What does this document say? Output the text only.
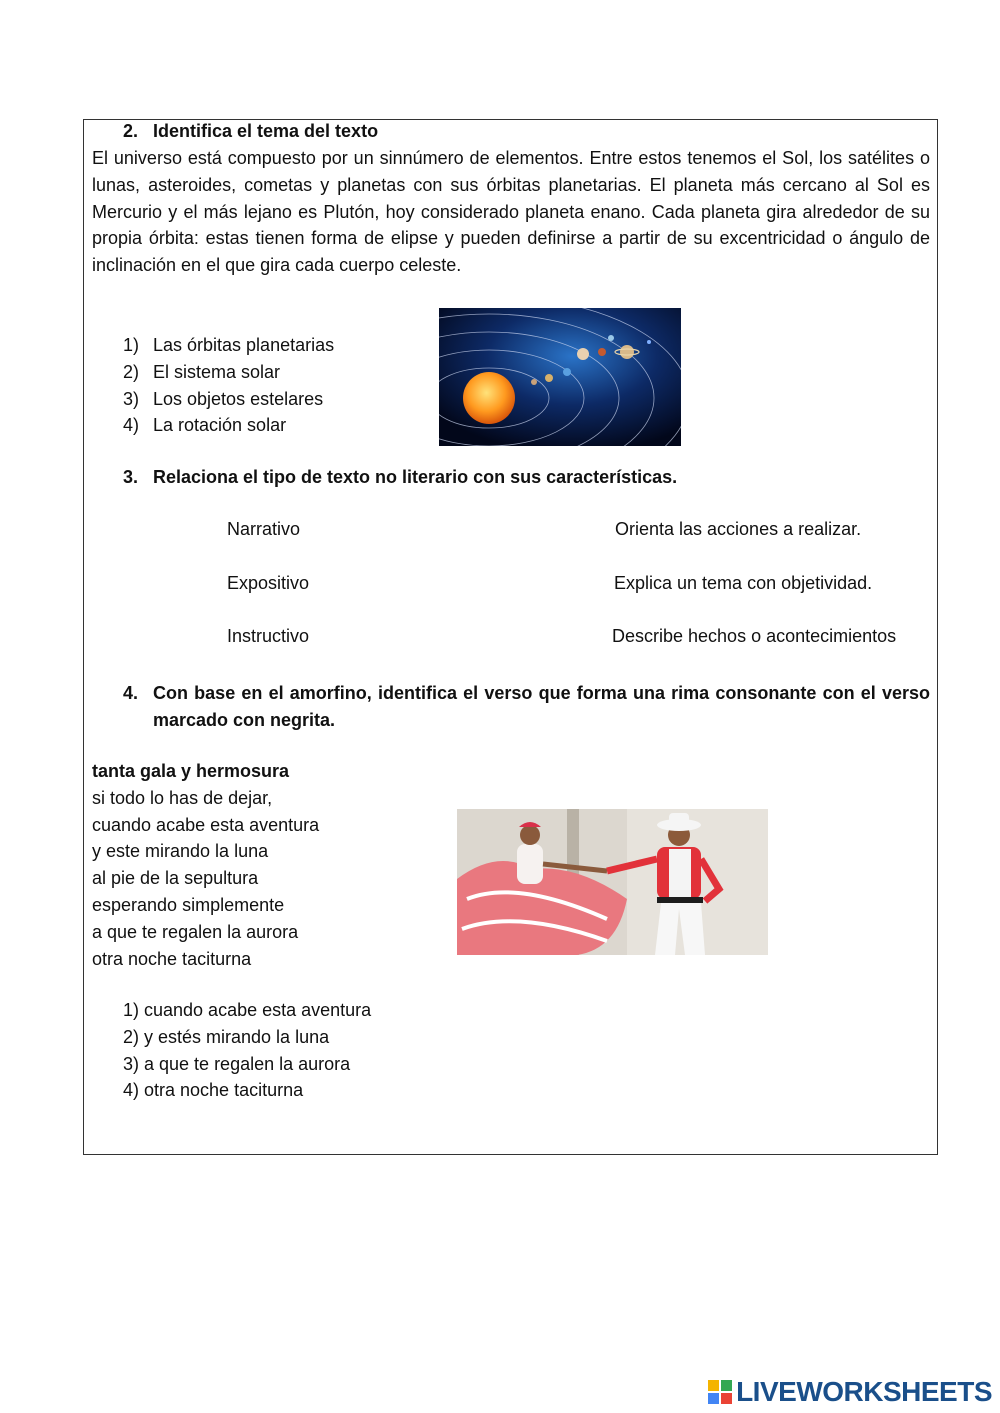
2. Identifica el tema del texto
El universo está compuesto por un sinnúmero de elementos. Entre estos tenemos el Sol, los satélites o lunas, asteroides, cometas y planetas con sus órbitas planetarias. El planeta más cercano al Sol es Mercurio y el más lejano es Plutón, hoy considerado planeta enano. Cada planeta gira alrededor de su propia órbita: estas tienen forma de elipse y pueden definirse a partir de su excentricidad o ángulo de inclinación en el que gira cada cuerpo celeste.
1) Las órbitas planetarias
2) El sistema solar
3) Los objetos estelares
4) La rotación solar
3. Relaciona el tipo de texto no literario con sus características.
Narrativo
Expositivo
Instructivo
Orienta las acciones a realizar.
Explica un tema con objetividad.
Describe hechos o acontecimientos
4. Con base en el amorfino, identifica el verso que forma una rima consonante con el verso marcado con negrita.
tanta gala y hermosura
si todo lo has de dejar,
cuando acabe esta aventura
y este mirando la luna
al pie de la sepultura
esperando simplemente
a que te regalen la aurora
otra noche taciturna
1) cuando acabe esta aventura
2) y estés mirando la luna
3) a que te regalen la aurora
4) otra noche taciturna
LIVEWORKSHEETS
